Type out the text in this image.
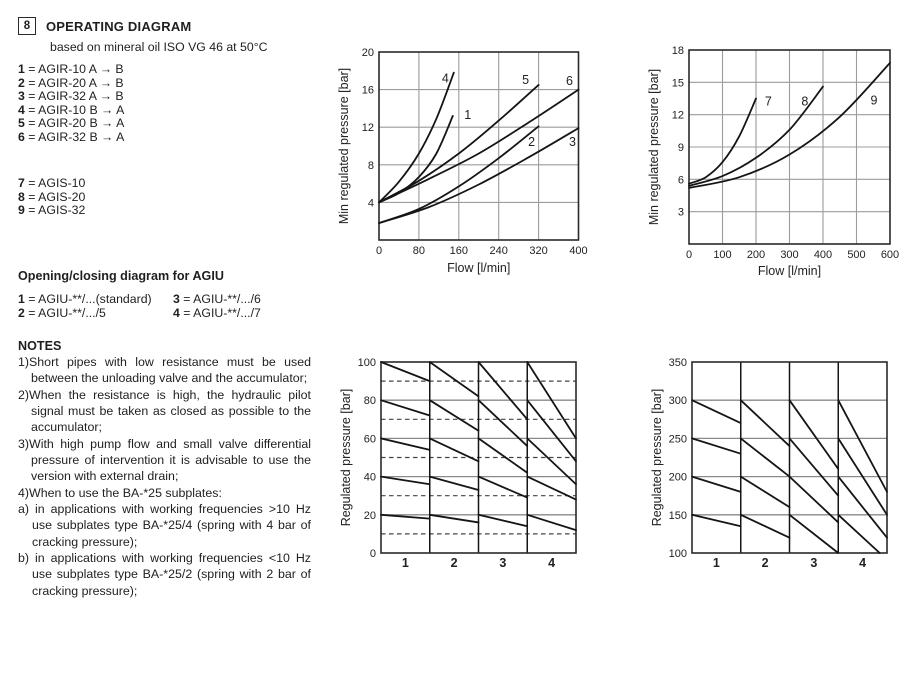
8	OPERATING DIAGRAM
based on mineral oil ISO VG 46 at 50°C
1 = AGIR-10 A → B
2 = AGIR-20 A → B
3 = AGIR-32 A → B
4 = AGIR-10 B → A
5 = AGIR-20 B → A
6 = AGIR-32 B → A
7 = AGIS-10
8 = AGIS-20
9 = AGIS-32
Opening/closing diagram for AGIU
1 = AGIU-**/...(standard)	3 = AGIU-**/.../6
2 = AGIU-**/.../5	4 = AGIU-**/.../7
NOTES

1)Short pipes with low resistance must be used between the unloading valve and the accumulator;

2)When the resistance is high, the hydraulic pilot signal must be taken as closed as possible to the accumulator;

3)With high pump flow and small valve differential pressure of intervention it is advisable to use the version with external drain;

4)When to use the BA-*25 subplates:

a) in applications with working frequencies >10 Hz use subplates type BA-*25/4 (spring with 4 bar of cracking pressure);

b) in applications with working frequencies <10 Hz use subplates type BA-*25/2 (spring with 2 bar of cracking pressure);

0	80 160 240 320 400
4
8
12
16
20
1
2	3
4	5	6
Min regulated pressure [bar]
Flow [l/min]
0 100 200 300 400 500 600
3
6
9
12
15
18
7 8	9
Min regulated pressure [bar]
Flow [l/min]
0
20
40
60
80
100
1	2	3	4
Regulated pressure [bar]
100
150
200
250
300
350
1	2	3	4
Regulated pressure [bar]
